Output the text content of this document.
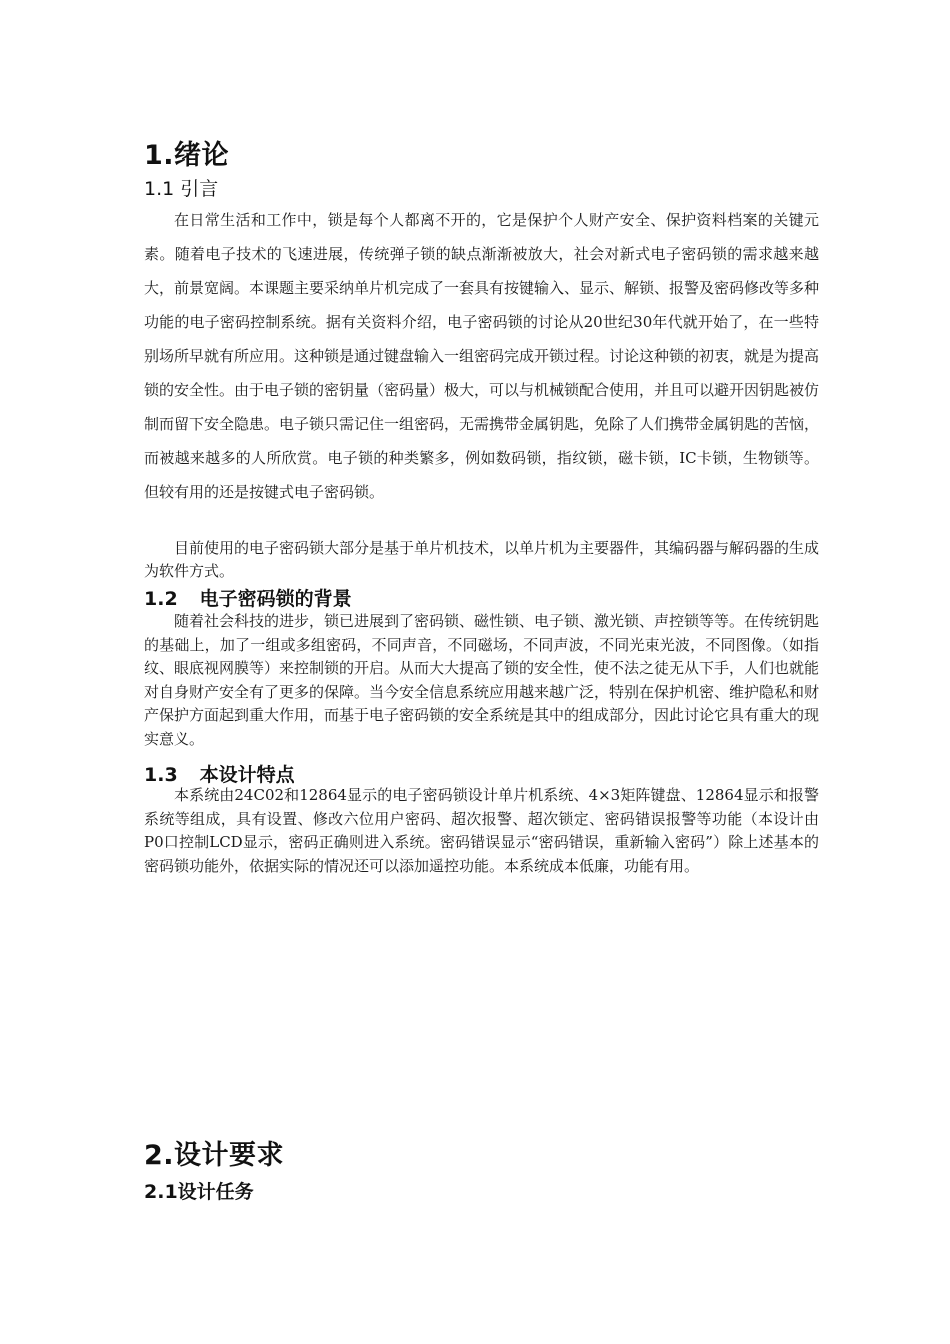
1.绪论
1.1 引言
在日常生活和工作中，锁是每个人都离不开的，它是保护个人财产安全、保护资料档案的关键元素。随着电子技术的飞速进展，传统弹子锁的缺点渐渐被放大，社会对新式电子密码锁的需求越来越大，前景宽阔。本课题主要采纳单片机完成了一套具有按键输入、显示、解锁、报警及密码修改等多种功能的电子密码控制系统。据有关资料介绍，电子密码锁的讨论从20世纪30年代就开始了，在一些特别场所早就有所应用。这种锁是通过键盘输入一组密码完成开锁过程。讨论这种锁的初衷，就是为提高锁的安全性。由于电子锁的密钥量（密码量）极大，可以与机械锁配合使用，并且可以避开因钥匙被仿制而留下安全隐患。电子锁只需记住一组密码，无需携带金属钥匙，免除了人们携带金属钥匙的苦恼，而被越来越多的人所欣赏。电子锁的种类繁多，例如数码锁，指纹锁，磁卡锁，IC卡锁，生物锁等。但较有用的还是按键式电子密码锁。
目前使用的电子密码锁大部分是基于单片机技术，以单片机为主要器件，其编码器与解码器的生成为软件方式。
1.2 电子密码锁的背景
随着社会科技的进步，锁已进展到了密码锁、磁性锁、电子锁、激光锁、声控锁等等。在传统钥匙的基础上，加了一组或多组密码，不同声音，不同磁场，不同声波，不同光束光波，不同图像。（如指纹、眼底视网膜等）来控制锁的开启。从而大大提高了锁的安全性，使不法之徒无从下手，人们也就能对自身财产安全有了更多的保障。当今安全信息系统应用越来越广泛，特别在保护机密、维护隐私和财产保护方面起到重大作用，而基于电子密码锁的安全系统是其中的组成部分，因此讨论它具有重大的现实意义。
1.3 本设计特点
本系统由24C02和12864显示的电子密码锁设计单片机系统、4×3矩阵键盘、12864显示和报警系统等组成，具有设置、修改六位用户密码、超次报警、超次锁定、密码错误报警等功能（本设计由P0口控制LCD显示，密码正确则进入系统。密码错误显示“密码错误，重新输入密码”）除上述基本的密码锁功能外，依据实际的情况还可以添加遥控功能。本系统成本低廉，功能有用。
2.设计要求
2.1设计任务
